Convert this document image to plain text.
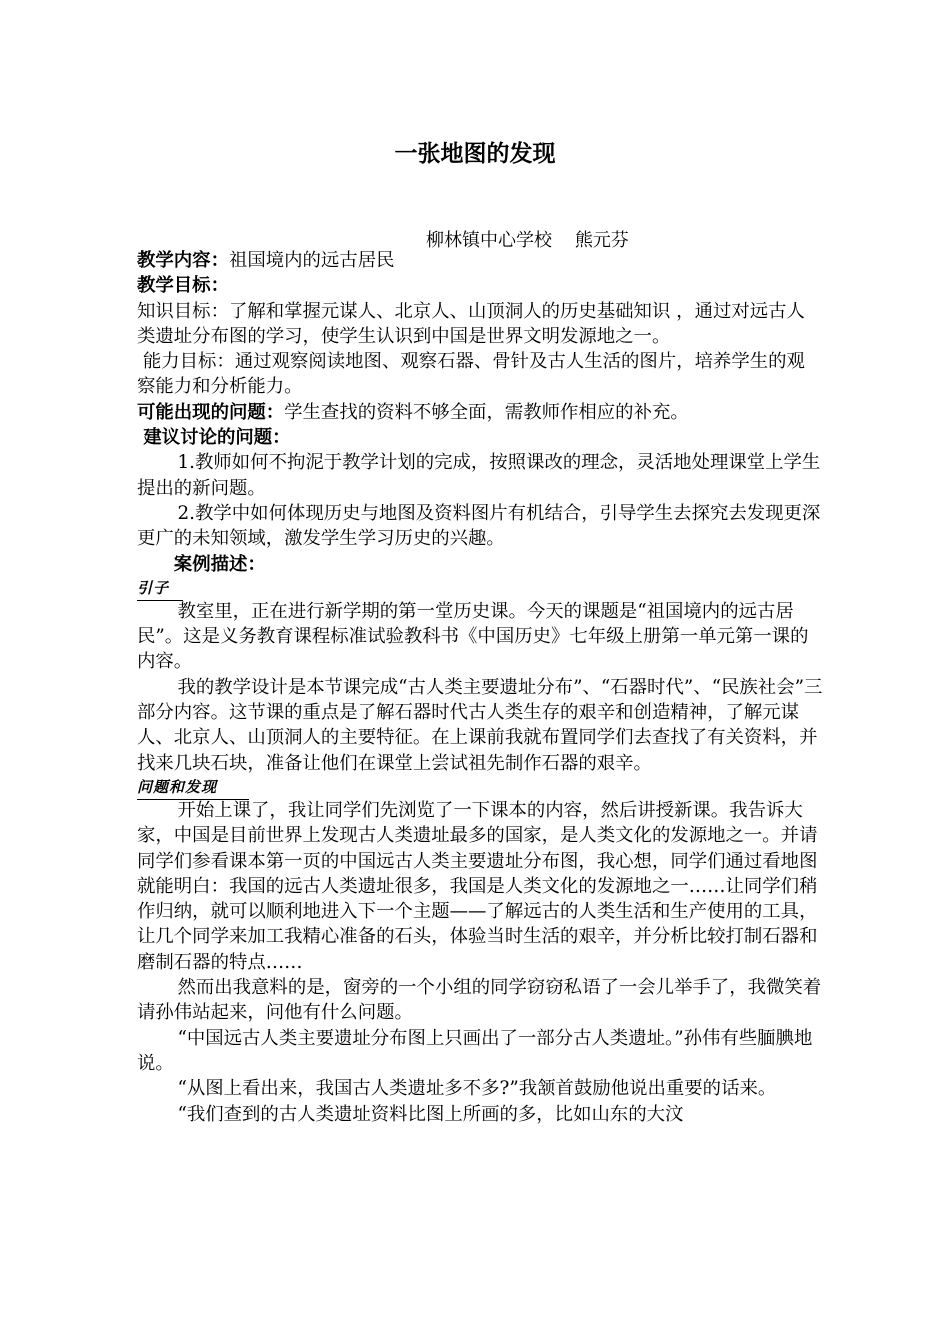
一张地图的发现
柳林镇中心学校    熊元芬

教学内容：祖国境内的远古居民

教学目标：

知识目标：了解和掌握元谋人、北京人、山顶洞人的历史基础知识 ，通过对远古人类遗址分布图的学习，使学生认识到中国是世界文明发源地之一。

能力目标：通过观察阅读地图、观察石器、骨针及古人生活的图片，培养学生的观察能力和分析能力。

可能出现的问题：学生查找的资料不够全面，需教师作相应的补充。

建议讨论的问题：

1.教师如何不拘泥于教学计划的完成，按照课改的理念，灵活地处理课堂上学生提出的新问题。

2.教学中如何体现历史与地图及资料图片有机结合，引导学生去探究去发现更深更广的未知领域，激发学生学习历史的兴趣。

案例描述：

引子

教室里，正在进行新学期的第一堂历史课。今天的课题是“祖国境内的远古居民”。这是义务教育课程标准试验教科书《中国历史》七年级上册第一单元第一课的内容。

我的教学设计是本节课完成“古人类主要遗址分布”、“石器时代”、“民族社会”三部分内容。这节课的重点是了解石器时代古人类生存的艰辛和创造精神，了解元谋人、北京人、山顶洞人的主要特征。在上课前我就布置同学们去查找了有关资料，并找来几块石块，准备让他们在课堂上尝试祖先制作石器的艰辛。

问题和发现

开始上课了，我让同学们先浏览了一下课本的内容，然后讲授新课。我告诉大家，中国是目前世界上发现古人类遗址最多的国家，是人类文化的发源地之一。并请同学们参看课本第一页的中国远古人类主要遗址分布图，我心想，同学们通过看地图就能明白：我国的远古人类遗址很多，我国是人类文化的发源地之一……让同学们稍作归纳，就可以顺利地进入下一个主题——了解远古的人类生活和生产使用的工具，让几个同学来加工我精心准备的石头，体验当时生活的艰辛，并分析比较打制石器和磨制石器的特点……

然而出我意料的是，窗旁的一个小组的同学窃窃私语了一会儿举手了，我微笑着请孙伟站起来，问他有什么问题。

“中国远古人类主要遗址分布图上只画出了一部分古人类遗址。”孙伟有些腼腆地说。

“从图上看出来，我国古人类遗址多不多?”我颔首鼓励他说出重要的话来。

“我们查到的古人类遗址资料比图上所画的多，比如山东的大汶
